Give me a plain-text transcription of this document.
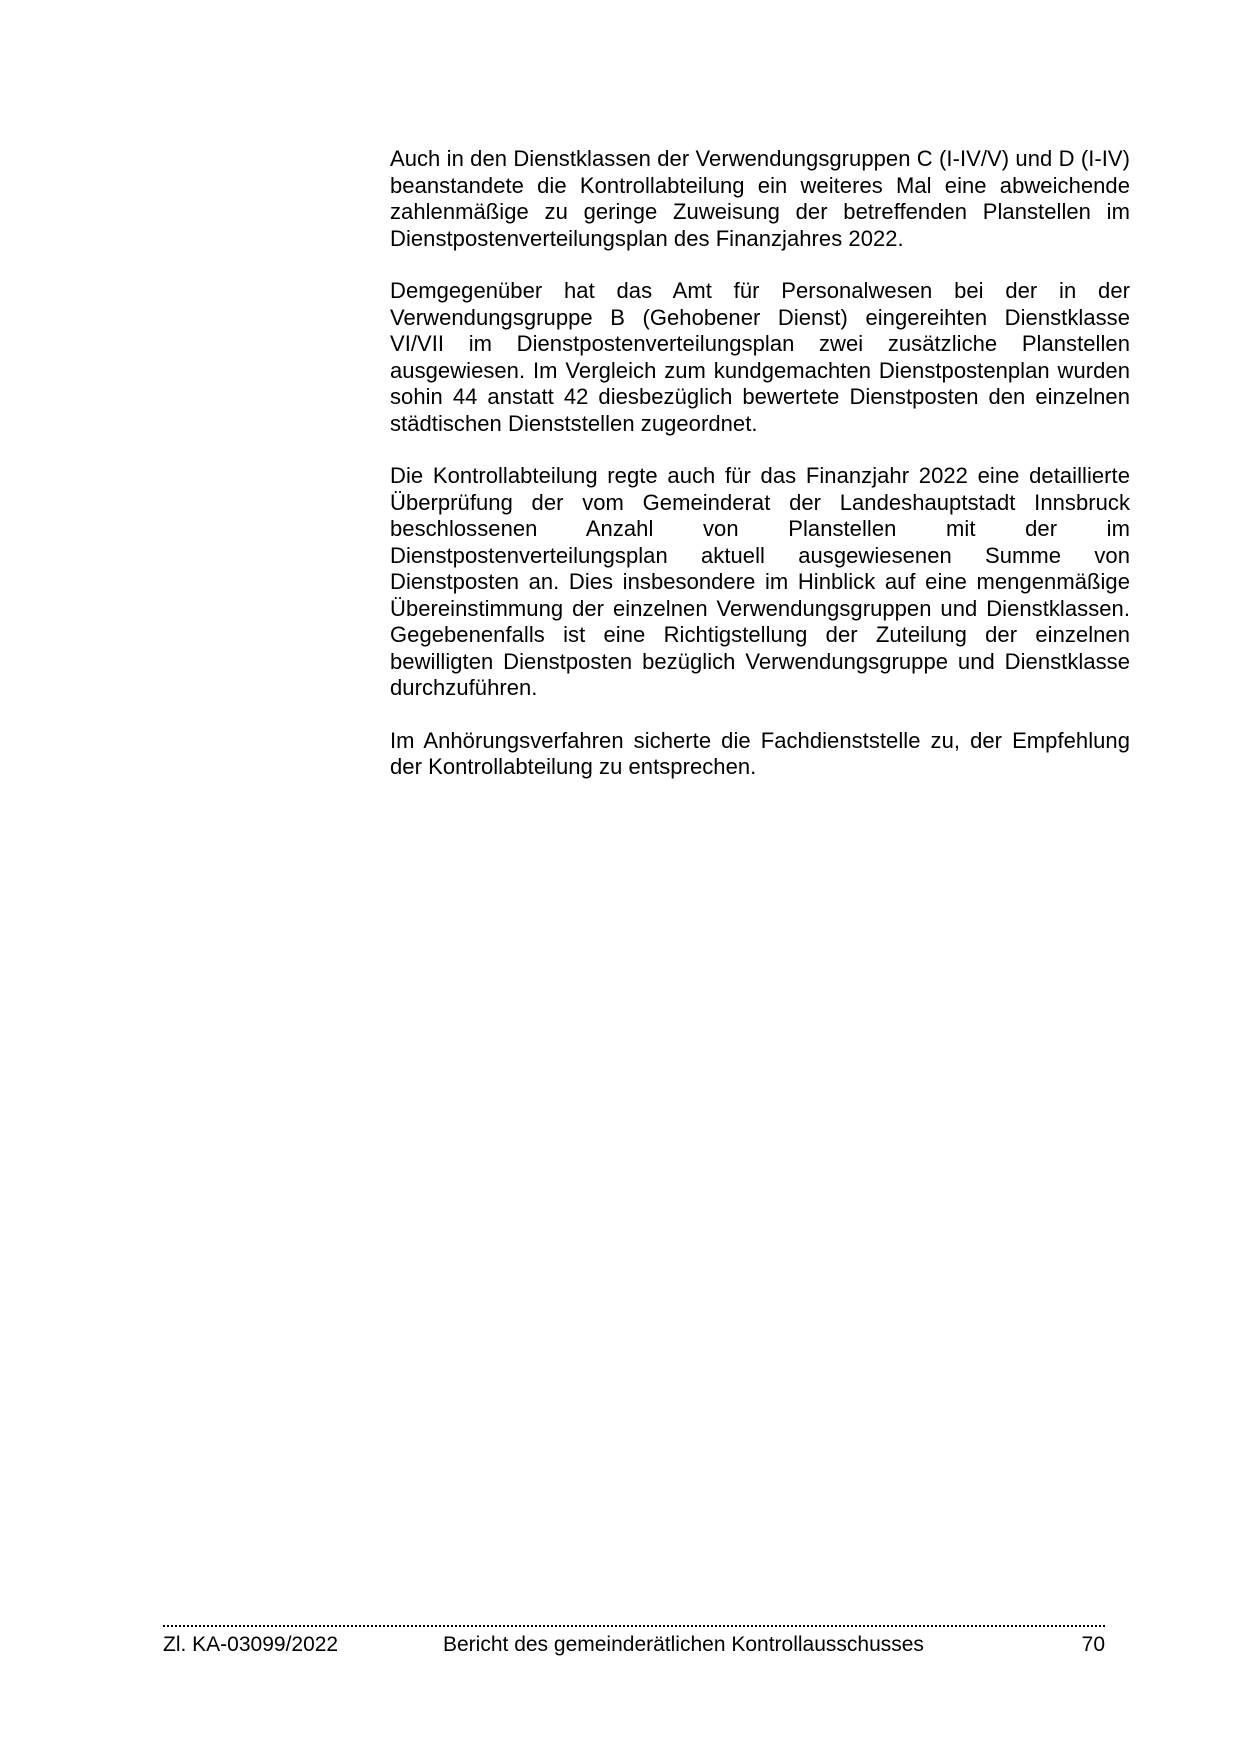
Auch in den Dienstklassen der Verwendungsgruppen C (I-IV/V) und D (I-IV) beanstandete die Kontrollabteilung ein weiteres Mal eine abweichende zahlenmäßige zu geringe Zuweisung der betreffenden Planstellen im Dienstpostenverteilungsplan des Finanzjahres 2022.

Demgegenüber hat das Amt für Personalwesen bei der in der Verwendungsgruppe B (Gehobener Dienst) eingereihten Dienstklasse VI/VII im Dienstpostenverteilungsplan zwei zusätzliche Planstellen ausgewiesen. Im Vergleich zum kundgemachten Dienstpostenplan wurden sohin 44 anstatt 42 diesbezüglich bewertete Dienstposten den einzelnen städtischen Dienststellen zugeordnet.

Die Kontrollabteilung regte auch für das Finanzjahr 2022 eine detaillierte Überprüfung der vom Gemeinderat der Landeshauptstadt Innsbruck beschlossenen Anzahl von Planstellen mit der im Dienstpostenverteilungsplan aktuell ausgewiesenen Summe von Dienstposten an. Dies insbesondere im Hinblick auf eine mengenmäßige Übereinstimmung der einzelnen Verwendungsgruppen und Dienstklassen. Gegebenenfalls ist eine Richtigstellung der Zuteilung der einzelnen bewilligten Dienstposten bezüglich Verwendungsgruppe und Dienstklasse durchzuführen.

Im Anhörungsverfahren sicherte die Fachdienststelle zu, der Empfehlung der Kontrollabteilung zu entsprechen.

Zl. KA-03099/2022	Bericht des gemeinderätlichen Kontrollausschusses	70
